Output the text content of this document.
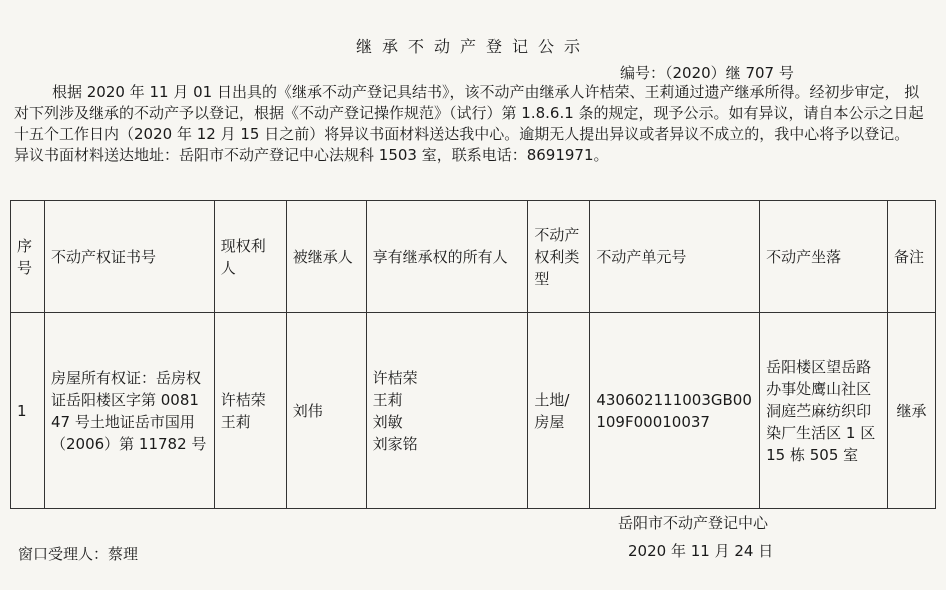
继承不动产登记公示
编号：（2020）继 707 号

根据 2020 年 11 月 01 日出具的《继承不动产登记具结书》，该不动产由继承人许桔荣、王莉通过遗产继承所得。经初步审定， 拟对下列涉及继承的不动产予以登记，根据《不动产登记操作规范》（试行）第 1.8.6.1 条的规定，现予公示。如有异议，请自本公示之日起十五个工作日内（2020 年 12 月 15 日之前）将异议书面材料送达我中心。逾期无人提出异议或者异议不成立的，我中心将予以登记。

异议书面材料送达地址：岳阳市不动产登记中心法规科 1503 室，联系电话：8691971。

序号	不动产权证书号	现权利人	被继承人	享有继承权的所有人	不动产权利类型	不动产单元号	不动产坐落	备注
1	房屋所有权证：岳房权证岳阳楼区字第 008147 号土地证岳市国用（2006）第 11782 号	许桔荣 王莉	刘伟	许桔荣
王莉
刘敏
刘家铭	土地/房屋	430602111003GB00109F00010037	岳阳楼区望岳路办事处鹰山社区洞庭苎麻纺织印染厂生活区 1 区 15 栋 505 室	继承
岳阳市不动产登记中心
2020 年 11 月 24 日
窗口受理人：蔡理
